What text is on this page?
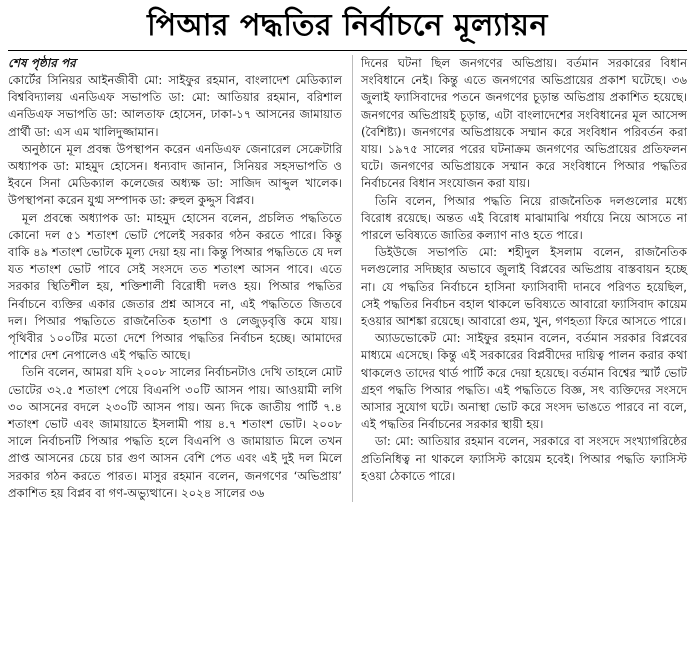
পিআর পদ্ধতির নির্বাচনে মূল্যায়ন
শেষ পৃষ্ঠার পর

কোর্টের সিনিয়র আইনজীবী মো: সাইফুর রহমান, বাংলাদেশ মেডিক্যাল বিশ্ববিদ্যালয় এনডিএফ সভাপতি ডা: মো: আতিয়ার রহমান, বরিশাল এনডিএফ সভাপতি ডা: আলতাফ হোসেন, ঢাকা-১৭ আসনের জামায়াত প্রার্থী ডা: এস এম খালিদুজ্জামান।

অনুষ্ঠানে মূল প্রবন্ধ উপস্থাপন করেন এনডিএফ জেনারেল সেক্রেটারি অধ্যাপক ডা: মাহমুদ হোসেন। ধন্যবাদ জানান, সিনিয়র সহসভাপতি ও ইবনে সিনা মেডিক্যাল কলেজের অধ্যক্ষ ডা: সাজিদ আব্দুল খালেক। উপস্থাপনা করেন যুগ্ম সম্পাদক ডা: রুহুল কুদ্দুস বিপ্লব।

মূল প্রবন্ধে অধ্যাপক ডা: মাহমুদ হোসেন বলেন, প্রচলিত পদ্ধতিতে কোনো দল ৫১ শতাংশ ভোট পেলেই সরকার গঠন করতে পারে। কিন্তু বাকি ৪৯ শতাংশ ভোটকে মূল্য দেয়া হয় না। কিন্তু পিআর পদ্ধতিতে যে দল যত শতাংশ ভোট পাবে সেই সংসদে তত শতাংশ আসন পাবে। এতে সরকার স্থিতিশীল হয়, শক্তিশালী বিরোধী দলও হয়। পিআর পদ্ধতির নির্বাচনে ব্যক্তির একার জেতার প্রশ্ন আসবে না, এই পদ্ধতিতে জিতবে দল। পিআর পদ্ধতিতে রাজনৈতিক হতাশা ও লেজুড়বৃত্তি কমে যায়। পৃথিবীর ১০০টির মতো দেশে পিআর পদ্ধতির নির্বাচন হচ্ছে। আমাদের পাশের দেশ নেপালেও এই পদ্ধতি আছে।

তিনি বলেন, আমরা যদি ২০০৮ সালের নির্বাচনটাও দেখি তাহলে মোট ভোটের ৩২.৫ শতাংশ পেয়ে বিএনপি ৩০টি আসন পায়। আওয়ামী লগি ৩০ আসনের বদলে ২৩০টি আসন পায়। অন্য দিকে জাতীয় পার্টি ৭.৪ শতাংশ ভোট এবং জামায়াতে ইসলামী পায় ৪.৭ শতাংশ ভোট। ২০০৮ সালে নির্বাচনটি পিআর পদ্ধতি হলে বিএনপি ও জামায়াত মিলে তখন প্রাপ্ত আসনের চেয়ে চার গুণ আসন বেশি পেত এবং এই দুই দল মিলে সরকার গঠন করতে পারত। মাসুর রহমান বলেন, জনগণের ‘অভিপ্রায়’ প্রকাশিত হয় বিপ্লব বা গণ-অভ্যুত্থানে। ২০২৪ সালের ৩৬

দিনের ঘটনা ছিল জনগণের অভিপ্রায়। বর্তমান সরকারের বিধান সংবিধানে নেই। কিন্তু এতে জনগণের অভিপ্রায়ের প্রকাশ ঘটেছে। ৩৬ জুলাই ফ্যাসিবাদের পতনে জনগণের চূড়ান্ত অভিপ্রায় প্রকাশিত হয়েছে। জনগণের অভিপ্রায়ই চূড়ান্ত, এটা বাংলাদেশের সংবিধানের মূল আসেন্স (বৈশিষ্ট্য)। জনগণের অভিপ্রায়কে সম্মান করে সংবিধান পরিবর্তন করা যায়। ১৯৭৫ সালের পরের ঘটনাক্রম জনগণের অভিপ্রায়ের প্রতিফলন ঘটে। জনগণের অভিপ্রায়কে সম্মান করে সংবিধানে পিআর পদ্ধতির নির্বাচনের বিধান সংযোজন করা যায়।

তিনি বলেন, পিআর পদ্ধতি নিয়ে রাজনৈতিক দলগুলোর মধ্যে বিরোধ রয়েছে। অন্তত এই বিরোধ মাঝামাঝি পর্যায়ে নিয়ে আসতে না পারলে ভবিষ্যতে জাতির কল্যাণ নাও হতে পারে।

ডিইউজে সভাপতি মো: শহীদুল ইসলাম বলেন, রাজনৈতিক দলগুলোর সদিচ্ছার অভাবে জুলাই বিপ্লবের অভিপ্রায় বাস্তবায়ন হচ্ছে না। যে পদ্ধতির নির্বাচনে হাসিনা ফ্যাসিবাদী দানবে পরিণত হয়েছিল, সেই পদ্ধতির নির্বাচন বহাল থাকলে ভবিষ্যতে আবারো ফ্যাসিবাদ কায়েম হওয়ার আশঙ্কা রয়েছে। আবারো গুম, খুন, গণহত্যা ফিরে আসতে পারে।

অ্যাডভোকেট মো: সাইফুর রহমান বলেন, বর্তমান সরকার বিপ্লবের মাধ্যমে এসেছে। কিন্তু এই সরকারের বিপ্লবীদের দায়িত্ব পালন করার কথা থাকলেও তাদের থার্ড পার্টি করে দেয়া হয়েছে। বর্তমান বিশ্বের স্মার্ট ভোট গ্রহণ পদ্ধতি পিআর পদ্ধতি। এই পদ্ধতিতে বিজ্ঞ, সৎ ব্যক্তিদের সংসদে আসার সুযোগ ঘটে। অনাস্থা ভোট করে সংসদ ভাঙতে পারবে না বলে, এই পদ্ধতির নির্বাচনের সরকার স্থায়ী হয়।

ডা: মো: আতিয়ার রহমান বলেন, সরকারে বা সংসদে সংখ্যাগরিষ্ঠের প্রতিনিধিত্ব না থাকলে ফ্যাসিস্ট কায়েম হবেই। পিআর পদ্ধতি ফ্যাসিস্ট হওয়া ঠেকাতে পারে।
